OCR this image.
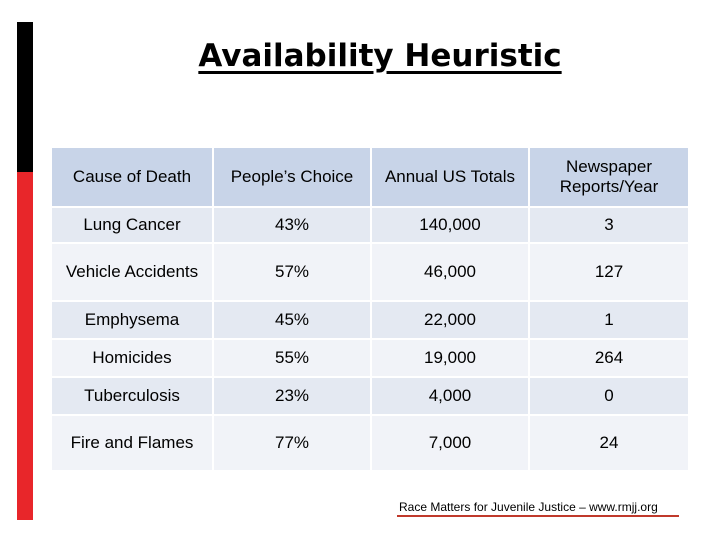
Availability Heuristic
Cause of Death	People’s Choice	Annual US Totals	Newspaper Reports/Year
Lung Cancer	43%	140,000	3
Vehicle Accidents	57%	46,000	127
Emphysema	45%	22,000	1
Homicides	55%	19,000	264
Tuberculosis	23%	4,000	0
Fire and Flames	77%	7,000	24
Race Matters for Juvenile Justice – www.rmjj.org
